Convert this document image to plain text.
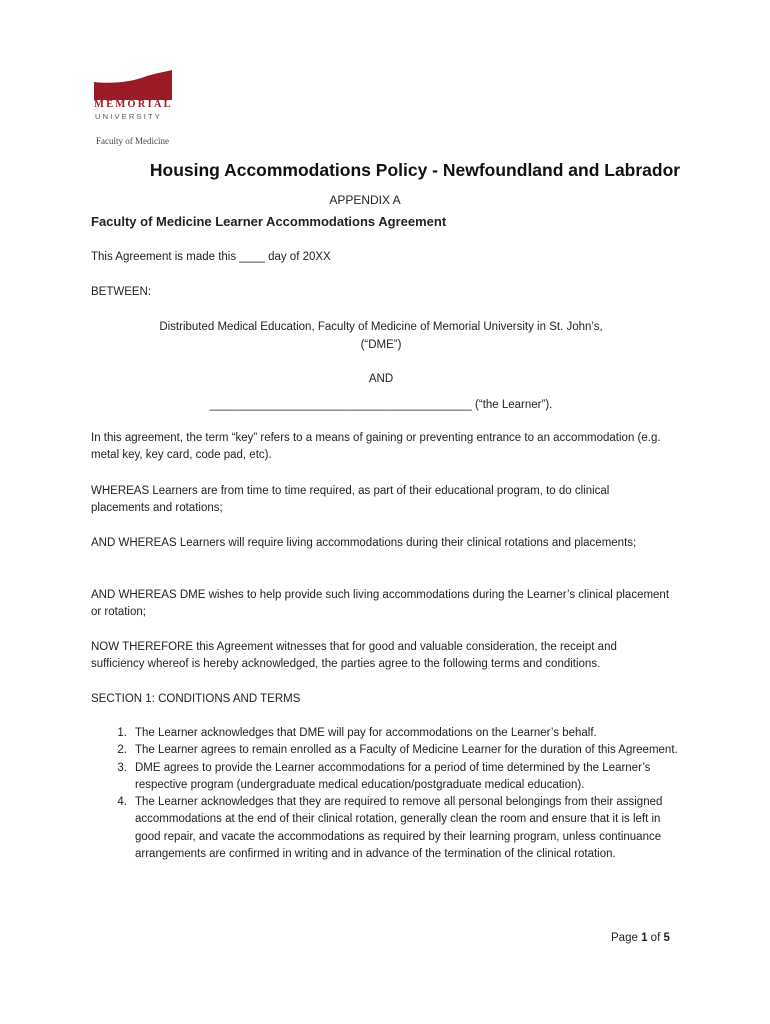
MEMORIAL
UNIVERSITY
Faculty of Medicine
Housing Accommodations Policy - Newfoundland and Labrador
APPENDIX A
Faculty of Medicine Learner Accommodations Agreement
This Agreement is made this ____ day of 20XX
BETWEEN:
Distributed Medical Education, Faculty of Medicine of Memorial University in St. John’s,
(“DME”)
AND
_________________________________________ (“the Learner”).
In this agreement, the term “key” refers to a means of gaining or preventing entrance to an accommodation (e.g. metal key, key card, code pad, etc).
WHEREAS Learners are from time to time required, as part of their educational program, to do clinical placements and rotations;
AND WHEREAS Learners will require living accommodations during their clinical rotations and placements;
AND WHEREAS DME wishes to help provide such living accommodations during the Learner’s clinical placement or rotation;
NOW THEREFORE this Agreement witnesses that for good and valuable consideration, the receipt and sufficiency whereof is hereby acknowledged, the parties agree to the following terms and conditions.
SECTION 1: CONDITIONS AND TERMS
1. The Learner acknowledges that DME will pay for accommodations on the Learner’s behalf.
2. The Learner agrees to remain enrolled as a Faculty of Medicine Learner for the duration of this Agreement.
3. DME agrees to provide the Learner accommodations for a period of time determined by the Learner’s respective program (undergraduate medical education/postgraduate medical education).
4. The Learner acknowledges that they are required to remove all personal belongings from their assigned accommodations at the end of their clinical rotation, generally clean the room and ensure that it is left in good repair, and vacate the accommodations as required by their learning program, unless continuance arrangements are confirmed in writing and in advance of the termination of the clinical rotation.
Page 1 of 5
